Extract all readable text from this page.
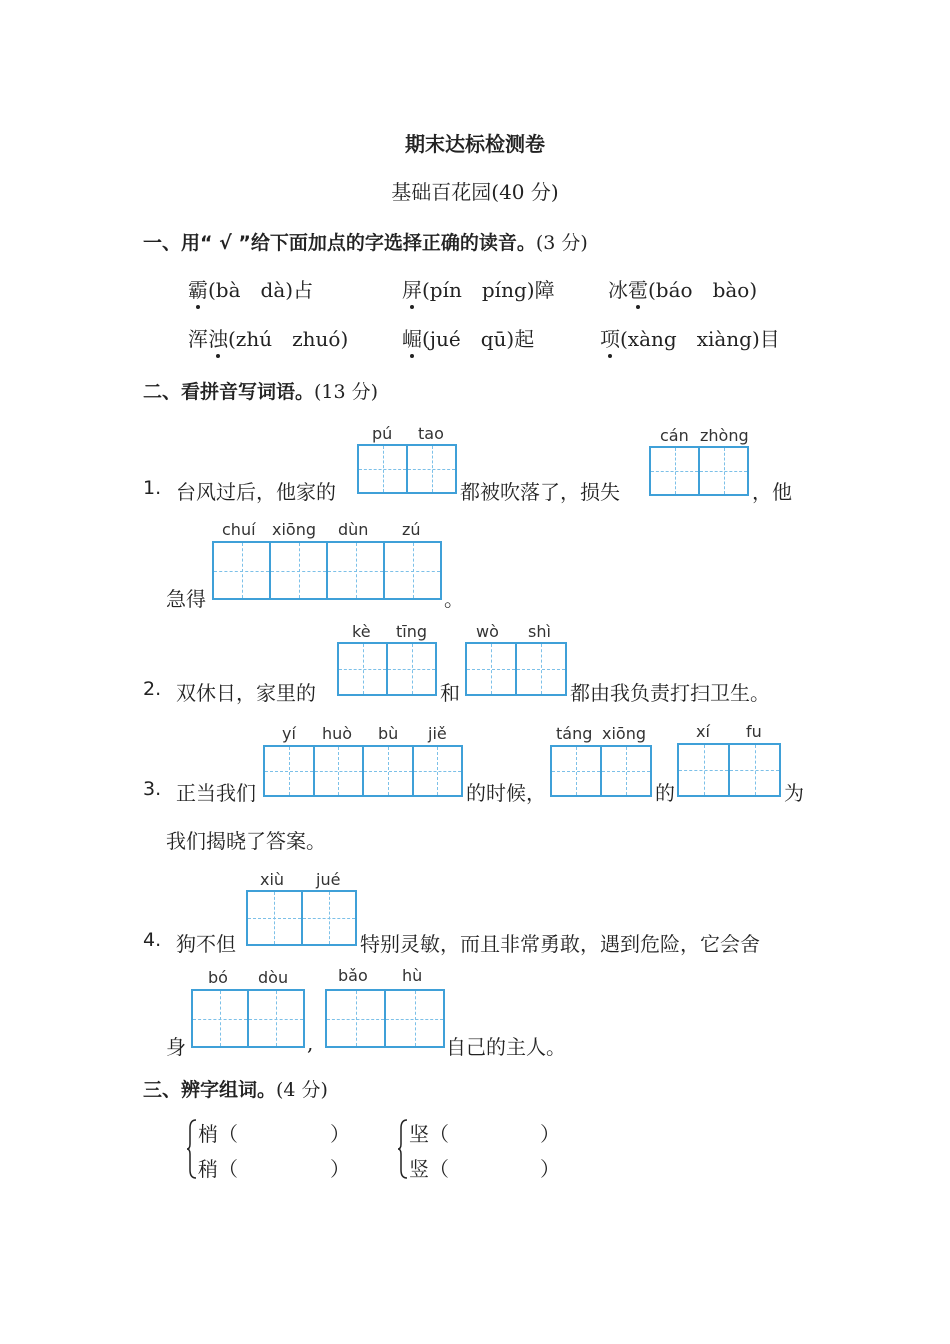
期末达标检测卷
基础百花园(40 分)
一、用“ √ ”给下面加点的字选择正确的读音。(3 分)
霸(bà　dà)占	屏(pín　píng)障	冰雹(báo　bào)
浑浊(zhú　zhuó)	崛(jué　qū)起	项(xàng　xiàng)目
二、看拼音写词语。(13 分)
1. 台风过后，他家的
pú tao
都被吹落了，损失
cán zhòng
，他
急得
chuí xiōng dùn zú
。
2. 双休日，家里的
kè tīng
和
wò shì
都由我负责打扫卫生。
3. 正当我们
yí huò bù jiě
的时候，
táng xiōng
的
xí fu
为
我们揭晓了答案。
4. 狗不但
xiù jué
特别灵敏，而且非常勇敢，遇到危险，它会舍
身
bó dòu
,
bǎo hù
自己的主人。
三、辨字组词。(4 分)
梢（	）
稍（	）
坚（	）
竖（	）
